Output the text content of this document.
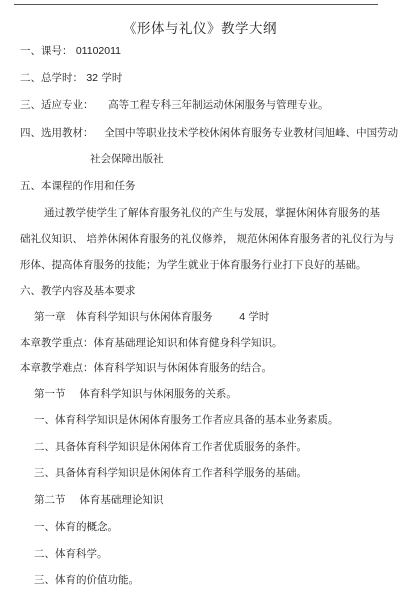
《形体与礼仪》教学大纲
一、课号： 01102011
二、总学时： 32 学时
三、适应专业： 高等工程专科三年制运动休闲服务与管理专业。
四、选用教材： 全国中等职业技术学校休闲体育服务专业教材闫旭峰、中国劳动
社会保障出版社
五、本课程的作用和任务
通过教学使学生了解体育服务礼仪的产生与发展，掌握休闲体育服务的基
础礼仪知识、 培养休闲体育服务的礼仪修养， 规范休闲体育服务者的礼仪行为与
形体、提高体育服务的技能；为学生就业于体育服务行业打下良好的基础。
六、教学内容及基本要求
第一章　体育科学知识与休闲体育服务	4 学时
本章教学重点：体育基础理论知识和体育健身科学知识。
本章教学难点：体育科学知识与休闲体育服务的结合。
第一节　 体育科学知识与休闲服务的关系。
一、体育科学知识是休闲体育服务工作者应具备的基本业务素质。
二、具备体育科学知识是休闲体育工作者优质服务的条件。
三、具备体育科学知识是休闲体育工作者科学服务的基础。
第二节　 体育基础理论知识
一、体育的概念。
二、体育科学。
三、体育的价值功能。
